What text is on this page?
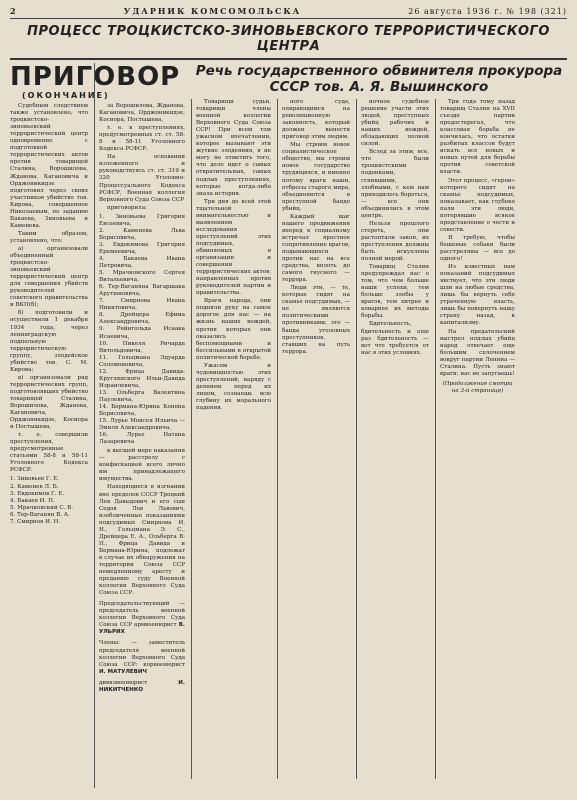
2	УДАРНИК КОМСОМОЛЬСКА	26 августа 1936 г. № 198 (321)
ПРОЦЕСС ТРОЦКИСТСКО-ЗИНОВЬЕВСКОГО ТЕРРОРИСТИЧЕСКОГО ЦЕНТРА
ПРИГОВОР
(ОКОНЧАНИЕ)

Судебным следствием также установлено, что троцкистско-зиновьевский террористический центр одновременно с подготовкой террористических актов против товарищей Сталина, Ворошилова, Жданова, Кагановича и Орджоникидзе подготовил через своих участников убийство тов. Кирова, совершенное Николаевым, по заданию Бакаева, Зиновьева и Каменева.

Таким образом, установлено, что:

а) организовали объединенный троцкистско-зиновьевский террористический центр для совершения убийств руководителей советского правительства и ВКП(б);

б) подготовили и осуществили 1 декабря 1934 года, через ленинградскую подпольную террористическую группу, злодейское убийство тов. С. М. Кирова;

в) организовали ряд террористических групп, подготовлявших убийство товарищей Сталина, Ворошилова, Жданова, Кагановича, Орджоникидзе, Косиора и Постышева,

т. е. совершили преступления, предусмотренные статьями 58-8 и 58-11 Уголовного Кодекса РСФСР.

1. Зиновьев Г. Е.
2. Каменев Л. Б.
3. Евдокимов Г. Е.
4. Бакаев И. П.
5. Мрачковский С. В.
6. Тер-Ваганян В. А.
7. Смирнов И. Н.

за Ворошилова, Жданова, Кагановича, Орджоникидзе, Косиора, Постышева,

т. е. в преступлениях, предусмотренных ст. ст. 58-8 и 58-11 Уголовного Кодекса РСФСР.

На основании изложенного и руководствуясь ст. ст. 319 и 320 Уголовно-Процессуального Кодекса РСФСР, Военная коллегия Верховного Суда Союза ССР

приговорила:

1. Зиновьева Григория Евсеевича,
2. Каменева Льва Борисовича,
3. Евдокимова Григория Еремеевича,
4. Бакаева Ивана Петровича,
5. Мрачковского Сергея Витальевича,
6. Тер-Ваганяна Вагаршака Арутюновича,
7. Смирнова Ивана Никитовича,
8. Дрейцера Ефима Александровича,
9. Рейнгольда Исаака Исаевича,
10. Пикеля Ричарда Витольдовича,
11. Гольцмана Эдуарда Соломоновича,
12. Фрица Давида-Круглянского Ильи-Давида Израилевича,
13. Ольберга Валентина Паулевича,
14. Бермана-Юрина Конона Борисовича,
15. Лурье Моисея Ильича — Эмиля Александровича,
16. Лурье Натана Лазаревича

к высшей мере наказания — расстрелу с конфискацией всего лично им принадлежащего имущества.

Находящиеся в изгнании вне пределов СССР Троцкий Лев Давыдович и его сын Седов Лев Львович, изобличенные показаниями подсудимых Смирнова И. Н., Гольцмана Э. С., Дрейцера Е. А., Ольберга В. П., Фрица Давида и Бермана-Юрина, подлежат в случае их обнаружения на территории Союза ССР немедленному аресту и преданию суду Военной коллегии Верховного Суда Союза ССР.

Председательствующий — председатель военной коллегии Верховного Суда Союза ССР армвоенюрист В. УЛЬРИХ
Члены: — заместитель председателя военной коллегии Верховного Суда Союза ССР: корвоенюрист И. МАТУЛЕВИЧ
дивизвоенюрист И. НИКИТЧЕНКО
Речь государственного обвинителя прокурора СССР тов. А. Я. Вышинского

Товарищи судьи, товарищи члены военной коллегии Верховного Суда Союза ССР! При всем том ужасном впечатлении, которое вызывают эти жуткие злодеяния, я не могу не отметить того, что дело идет о самых отвратительных, самых подлых преступлениях, которые когда-либо знала история.

Три дня до всей этой тщательной внимательностью и выявлением исследования преступлений этих подсудимых, обвиняемых в организации и совершении террористических актов, направленных против руководителей партии и правительства.

Враги народа, они подняли руку на самое дорогое для нас — на жизнь наших вождей, против которых они оказались беспомощными и бессильными в открытой политической борьбе.

Ужасом и чудовищностью этих преступлений, наряду с деянием перед их лицом, сознаешь всю глубину их морального падения.

ного суда, опирающимся на революционную законность, который должен вынести приговор этим людям.

Мы строим новое социалистическое общество, мы строим новое государство трудящихся, и именно потому враги наши, отбросы старого мира, объединяются в преступной банде убийц.

Каждый шаг нашего продвижения вперед к социализму встречал яростное сопротивление врагов, подымающихся против нас на все средства, вплоть до самого гнусного — террора.

Люди эти, — те, которые сидят на скамье подсудимых, — не являются политическими противниками; это — банда уголовных преступников, ставших на путь террора.

ночное судебное решение участи этих людей, преступных убийц рабочих и наших вождей, обладающих полной силой.

Вслед за этим, все, что были троцкистскими подонками, сгнившими, злобными, с кем нам приходилось бороться, — все они объединились в этом центре.

Нельзя прошлого стереть, они растоптали закон, их преступления должны быть искуплены полной мерой.

Товарищ Сталин предупреждал нас о том, что чем больше наши успехи, тем больше злобы у врагов, тем хитрее и коварнее их методы борьбы.

Бдительность, бдительность и еще раз бдительность — вот что требуется от нас в этих условиях.

Три года тому назад товарищ Сталин на XVII съезде партии предостерегал, что классовая борьба не кончилась, что остатки разбитых классов будут искать все новых и новых путей для борьбы против советской власти.

Этот процесс, «герои» которого сидят на скамье подсудимых, показывает, как глубоко пали эти люди, потерявшие всякое представление о чести и совести.

Я требую, чтобы бешеные собаки были расстреляны — все до одного!

Из известных нам показаний подсудимых явствует, что эти люди шли на любые средства, лишь бы вернуть себе утраченную власть, лишь бы повернуть нашу страну назад, к капитализму.

На предательский выстрел подлых убийц народ отвечает еще большим сплочением вокруг партии Ленина — Сталина. Пусть знают враги: нас не запугаешь!

(Продолжение смотри на 3-й странице)
